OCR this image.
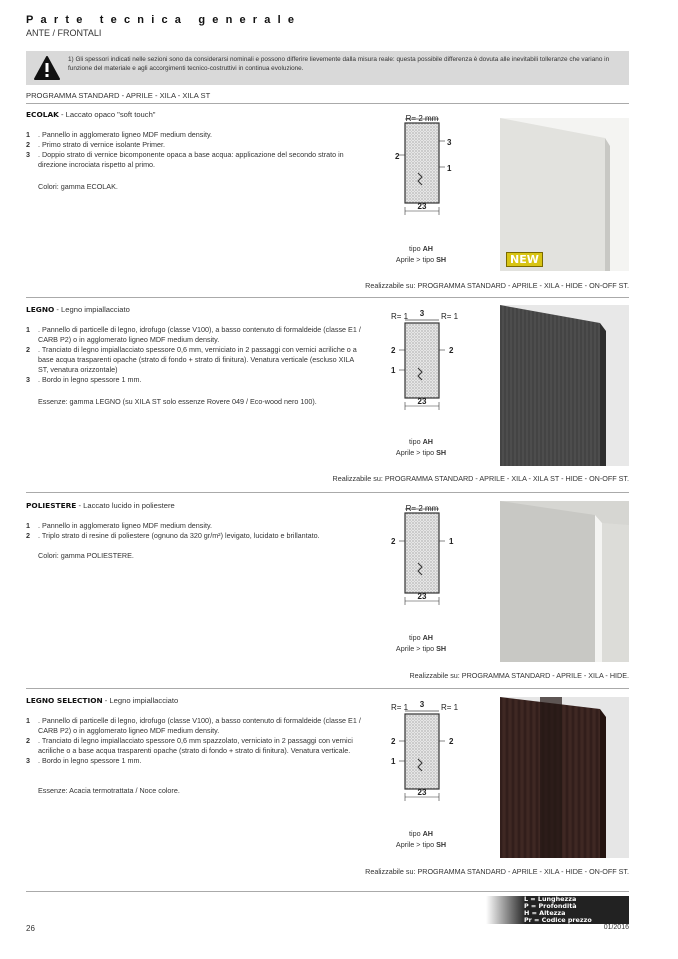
Parte tecnica generale
ANTE / FRONTALI
1) Gli spessori indicati nelle sezioni sono da considerarsi nominali e possono differire lievemente dalla misura reale: questa possibile differenza è dovuta alle inevitabili tolleranze che variano in funzione del materiale e agli accorgimenti tecnico-costruttivi in continua evoluzione.
PROGRAMMA STANDARD - APRILE - XILA - XILA ST
ECOLAK - Laccato opaco "soft touch"
1 . Pannello in agglomerato ligneo MDF medium density.
2 . Primo strato di vernice isolante Primer.
3 . Doppio strato di vernice bicomponente opaca a base acqua: applicazione del secondo strato in direzione incrociata rispetto al primo.
Colori: gamma ECOLAK.
R= 2 mm
2
3
1
23
tipo AH
Aprile > tipo SH	NEW
Realizzabile su: PROGRAMMA STANDARD - APRILE - XILA - HIDE - ON-OFF ST.
LEGNO - Legno impiallacciato
1 . Pannello di particelle di legno, idrofugo (classe V100), a basso contenuto di formaldeide (classe E1 / CARB P2) o in agglomerato ligneo MDF medium density.
2 . Tranciato di legno impiallacciato spessore 0,6 mm, verniciato in 2 passaggi con vernici acriliche o a base acqua trasparenti opache (strato di fondo + strato di finitura). Venatura verticale (escluso XILA ST, venatura orizzontale)
3 . Bordo in legno spessore 1 mm.
Essenze: gamma LEGNO (su XILA ST solo essenze Rovere 049 / Eco-wood nero 100).
R= 1 3 R= 1
2
1
2
23
tipo AH
Aprile > tipo SH
Realizzabile su: PROGRAMMA STANDARD - APRILE - XILA - XILA ST - HIDE - ON-OFF ST.
POLIESTERE - Laccato lucido in poliestere
1 . Pannello in agglomerato ligneo MDF medium density.
2 . Triplo strato di resine di poliestere (ognuno da 320 gr/m²) levigato, lucidato e brillantato.
Colori: gamma POLIESTERE.
R= 2 mm
2	1
23
tipo AH
Aprile > tipo SH
Realizzabile su: PROGRAMMA STANDARD - APRILE - XILA - HIDE.
LEGNO SELECTION - Legno impiallacciato
1 . Pannello di particelle di legno, idrofugo (classe V100), a basso contenuto di formaldeide (classe E1 / CARB P2) o in agglomerato ligneo MDF medium density.
2 . Tranciato di legno impiallacciato spessore 0,6 mm spazzolato, verniciato in 2 passaggi con vernici acriliche o a base acqua trasparenti opache (strato di fondo + strato di finitura). Venatura verticale.
3 . Bordo in legno spessore 1 mm.
Essenze: Acacia termotrattata / Noce colore.
R= 1 3 R= 1
2
1
2
23
tipo AH
Aprile > tipo SH
Realizzabile su: PROGRAMMA STANDARD - APRILE - XILA - HIDE - ON-OFF ST.
L = Lunghezza
P = Profondità
H = Altezza
Pr = Codice prezzo
26	01/2016
